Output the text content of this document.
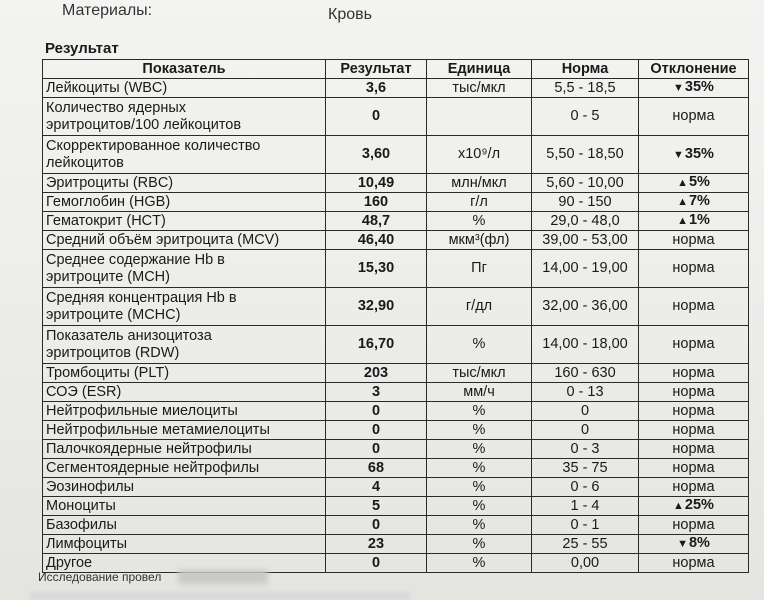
Материалы:	Кровь
Результат
Показатель	Результат	Единица	Норма	Отклонение
Лейкоциты (WBC)	3,6	тыс/мкл	5,5 - 18,5	▼35%
Количество ядерных
эритроцитов/100 лейкоцитов	0		0 - 5	норма
Скорректированное количество
лейкоцитов	3,60	x10⁹/л	5,50 - 18,50	▼35%
Эритроциты (RBC)	10,49	млн/мкл	5,60 - 10,00	▲5%
Гемоглобин (HGB)	160	г/л	90 - 150	▲7%
Гематокрит (HCT)	48,7	%	29,0 - 48,0	▲1%
Средний объём эритроцита (MCV)	46,40	мкм³(фл)	39,00 - 53,00	норма
Среднее содержание Hb в
эритроците (MCH)	15,30	Пг	14,00 - 19,00	норма
Средняя концентрация Hb в
эритроците (MCHC)	32,90	г/дл	32,00 - 36,00	норма
Показатель анизоцитоза
эритроцитов (RDW)	16,70	%	14,00 - 18,00	норма
Тромбоциты (PLT)	203	тыс/мкл	160 - 630	норма
СОЭ (ESR)	3	мм/ч	0 - 13	норма
Нейтрофильные миелоциты	0	%	0	норма
Нейтрофильные метамиелоциты	0	%	0	норма
Палочкоядерные нейтрофилы	0	%	0 - 3	норма
Сегментоядерные нейтрофилы	68	%	35 - 75	норма
Эозинофилы	4	%	0 - 6	норма
Моноциты	5	%	1 - 4	▲25%
Базофилы	0	%	0 - 1	норма
Лимфоциты	23	%	25 - 55	▼8%
Другое	0	%	0,00	норма
Исследование провел
